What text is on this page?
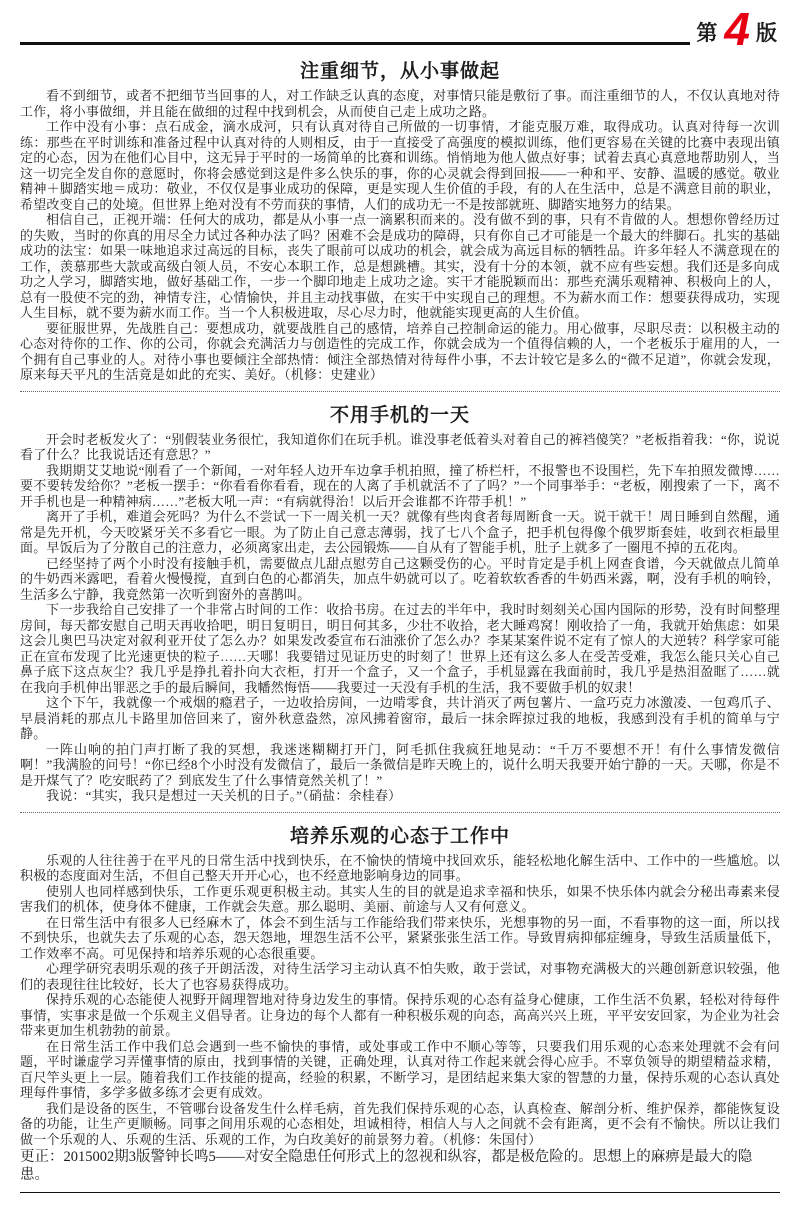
第 4 版
注重细节，从小事做起

看不到细节，或者不把细节当回事的人，对工作缺乏认真的态度，对事情只能是敷衍了事。而注重细节的人，不仅认真地对待工作，将小事做细，并且能在做细的过程中找到机会，从而使自己走上成功之路。

工作中没有小事：点石成金，滴水成河，只有认真对待自己所做的一切事情，才能克服万难，取得成功。认真对待每一次训练：那些在平时训练和准备过程中认真对待的人则相反，由于一直接受了高强度的模拟训练，他们更容易在关键的比赛中表现出镇定的心态，因为在他们心目中，这无异于平时的一场简单的比赛和训练。悄悄地为他人做点好事；试着去真心真意地帮助别人，当这一切完全发自你的意愿时，你将会感觉到这是件多么快乐的事，你的心灵就会得到回报——一种和平、安静、温暖的感觉。敬业精神＋脚踏实地＝成功：敬业，不仅仅是事业成功的保障，更是实现人生价值的手段，有的人在生活中，总是不满意目前的职业，希望改变自己的处境。但世界上绝对没有不劳而获的事情，人们的成功无一不是按部就班、脚踏实地努力的结果。

相信自己，正视开端：任何大的成功，都是从小事一点一滴累积而来的。没有做不到的事，只有不肯做的人。想想你曾经历过的失败，当时的你真的用尽全力试过各种办法了吗？困难不会是成功的障碍，只有你自己才可能是一个最大的绊脚石。扎实的基础成功的法宝：如果一味地追求过高远的目标，丧失了眼前可以成功的机会，就会成为高远目标的牺牲品。许多年轻人不满意现在的工作，羡慕那些大款或高级白领人员，不安心本职工作，总是想跳槽。其实，没有十分的本领，就不应有些妄想。我们还是多向成功之人学习，脚踏实地，做好基础工作，一步一个脚印地走上成功之途。实干才能脱颖而出：那些充满乐观精神、积极向上的人，总有一股使不完的劲，神情专注，心情愉快，并且主动找事做，在实干中实现自己的理想。不为薪水而工作：想要获得成功，实现人生目标，就不要为薪水而工作。当一个人积极进取，尽心尽力时，他就能实现更高的人生价值。

要征服世界，先战胜自己：要想成功，就要战胜自己的感情，培养自己控制命运的能力。用心做事，尽职尽责：以积极主动的心态对待你的工作、你的公司，你就会充满活力与创造性的完成工作，你就会成为一个值得信赖的人，一个老板乐于雇用的人，一个拥有自己事业的人。对待小事也要倾注全部热情：倾注全部热情对待每件小事，不去计较它是多么的“微不足道”，你就会发现，原来每天平凡的生活竟是如此的充实、美好。（机修：史建业）

不用手机的一天

开会时老板发火了：“别假装业务很忙，我知道你们在玩手机。谁没事老低着头对着自己的裤裆傻笑？”老板指着我：“你，说说看了什么？比我说话还有意思？”

我期期艾艾地说“刚看了一个新闻，一对年轻人边开车边拿手机拍照，撞了桥栏杆，不报警也不设围栏，先下车拍照发微博……要不要转发给你？”老板一摆手：“你看看你看看，现在的人离了手机就活不了了吗？”一个同事举手：“老板，刚搜索了一下，离不开手机也是一种精神病……”老板大吼一声：“有病就得治！以后开会谁都不许带手机！”

离开了手机，难道会死吗？为什么不尝试一下一周关机一天？就像有些肉食者每周断食一天。说干就干！周日睡到自然醒，通常是先开机，今天咬紧牙关不多看它一眼。为了防止自己意志薄弱，找了七八个盒子，把手机包得像个俄罗斯套娃，收到衣柜最里面。早饭后为了分散自己的注意力，必须离家出走，去公园锻炼——自从有了智能手机，肚子上就多了一圈甩不掉的五花肉。

已经坚持了两个小时没有接触手机，需要做点儿甜点慰劳自己这颗受伤的心。平时肯定是手机上网查食谱，今天就做点儿简单的牛奶西米露吧，看着火慢慢搅，直到白色的心都消失，加点牛奶就可以了。吃着软软香香的牛奶西米露，啊，没有手机的响铃，生活多么宁静，我竟然第一次听到窗外的喜鹊叫。

下一步我给自己安排了一个非常占时间的工作：收拾书房。在过去的半年中，我时时刻刻关心国内国际的形势，没有时间整理房间，每天都安慰自己明天再收拾吧，明日复明日，明日何其多，少壮不收拾，老大睡鸡窝！刚收拾了一角，我就开始焦虑：如果这会儿奥巴马决定对叙利亚开仗了怎么办？如果发改委宣布石油涨价了怎么办？李某某案件说不定有了惊人的大逆转？科学家可能正在宣布发现了比光速更快的粒子……天哪！我要错过见证历史的时刻了！世界上还有这么多人在受苦受难，我怎么能只关心自己鼻子底下这点灰尘？我几乎是挣扎着扑向大衣柜，打开一个盒子，又一个盒子，手机显露在我面前时，我几乎是热泪盈眶了……就在我向手机伸出罪恶之手的最后瞬间，我幡然悔悟——我要过一天没有手机的生活，我不要做手机的奴隶！

这个下午，我就像一个戒烟的瘾君子，一边收拾房间，一边啃零食，共计消灭了两包薯片、一盒巧克力冰激凌、一包鸡爪子、早晨消耗的那点儿卡路里加倍回来了，窗外秋意盎然，凉风拂着窗帘，最后一抹余晖掠过我的地板，我感到没有手机的简单与宁静。

一阵山响的拍门声打断了我的冥想，我迷迷糊糊打开门，阿毛抓住我疯狂地晃动：“千万不要想不开！有什么事情发微信啊！”我满脸的问号！“你已经8个小时没有发微信了，最后一条微信是昨天晚上的，说什么明天我要开始宁静的一天。天哪，你是不是开煤气了？吃安眠药了？到底发生了什么事情竟然关机了！”

我说：“其实，我只是想过一天关机的日子。”（硝盐：余桂春）

培养乐观的心态于工作中

乐观的人往往善于在平凡的日常生活中找到快乐，在不愉快的情境中找回欢乐，能轻松地化解生活中、工作中的一些尴尬。以积极的态度面对生活，不但自己整天开开心心，也不经意地影响身边的同事。

使别人也同样感到快乐，工作更乐观更积极主动。其实人生的目的就是追求幸福和快乐，如果不快乐体内就会分秘出毒素来侵害我们的机体，使身体不健康，工作就会失意。那么聪明、美丽、前途与人又有何意义。

在日常生活中有很多人已经麻木了，体会不到生活与工作能给我们带来快乐，光想事物的另一面，不看事物的这一面，所以找不到快乐，也就失去了乐观的心态，怨天怨地，埋怨生活不公平，紧紧张张生活工作。导致胃病抑郁症缠身，导致生活质量低下，工作效率不高。可见保持和培养乐观的心态很重要。

心理学研究表明乐观的孩子开朗活泼，对待生活学习主动认真不怕失败，敢于尝试，对事物充满极大的兴趣创新意识较强，他们的表现往往比较好，长大了也容易获得成功。

保持乐观的心态能使人视野开阔理智地对待身边发生的事情。保持乐观的心态有益身心健康，工作生活不负累，轻松对待每件事情，实事求是做一个乐观主义倡导者。让身边的每个人都有一种积极乐观的向态，高高兴兴上班，平平安安回家，为企业为社会带来更加生机勃勃的前景。

在日常生活工作中我们总会遇到一些不愉快的事情，或处事或工作中不顺心等等，只要我们用乐观的心态来处理就不会有问题，平时谦虚学习弄懂事情的原由，找到事情的关键，正确处理，认真对待工作起来就会得心应手。不辜负领导的期望精益求精，百尺竿头更上一层。随着我们工作技能的提高，经验的积累，不断学习，是团结起来集大家的智慧的力量，保持乐观的心态认真处理每件事情，多学多做多练才会更有成效。

我们是设备的医生，不管哪台设备发生什么样毛病，首先我们保持乐观的心态，认真检查、解剖分析、维护保养，都能恢复设备的功能，让生产更顺畅。同事之间用乐观的心态相处，坦诚相待，相信人与人之间就不会有距离，更不会有不愉快。所以让我们做一个乐观的人、乐观的生活、乐观的工作，为白玫美好的前景努力着。（机修：朱国付）

更正：2015002期3版警钟长鸣5——对安全隐患任何形式上的忽视和纵容，都是极危险的。思想上的麻痹是最大的隐患。
